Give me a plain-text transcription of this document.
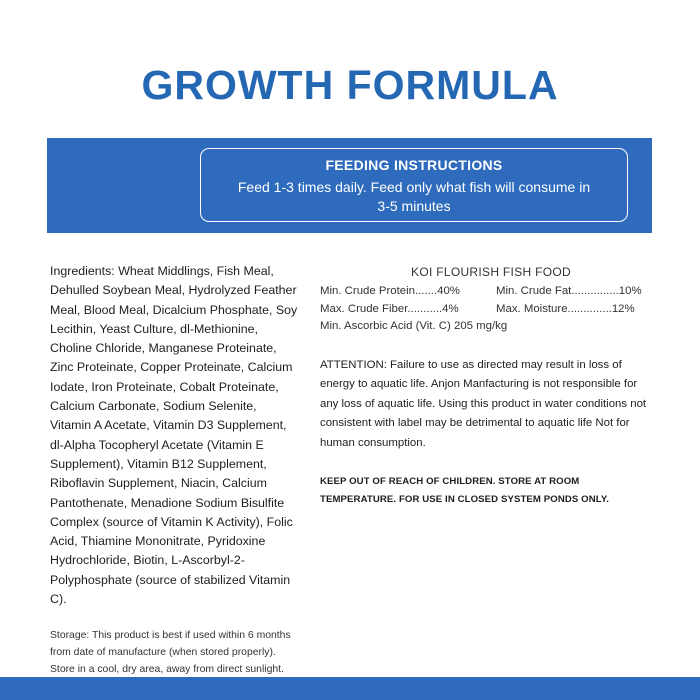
GROWTH FORMULA
FEEDING INSTRUCTIONS
Feed 1-3 times daily. Feed only what fish will consume in 3-5 minutes

Ingredients: Wheat Middlings, Fish Meal, Dehulled Soybean Meal, Hydrolyzed Feather Meal, Blood Meal, Dicalcium Phosphate, Soy Lecithin, Yeast Culture, dl-Methionine, Choline Chloride, Manganese Proteinate, Zinc Proteinate, Copper Proteinate, Calcium Iodate, Iron Proteinate, Cobalt Proteinate, Calcium Carbonate, Sodium Selenite, Vitamin A Acetate, Vitamin D3 Supplement, dl-Alpha Tocopheryl Acetate (Vitamin E Supplement), Vitamin B12 Supplement, Riboflavin Supplement, Niacin, Calcium Pantothenate, Menadione Sodium Bisulfite Complex (source of Vitamin K Activity), Folic Acid, Thiamine Mononitrate, Pyridoxine Hydrochloride, Biotin, L-Ascorbyl-2-Polyphosphate (source of stabilized Vitamin C).

Storage: This product is best if used within 6 months from date of manufacture (when stored properly). Store in a cool, dry area, away from direct sunlight.
KOI FLOURISH FISH FOOD
Min. Crude Protein.......40%	Min. Crude Fat...............10%
Max. Crude Fiber...........4%	Max. Moisture..............12%
Min. Ascorbic Acid (Vit. C) 205 mg/kg
ATTENTION: Failure to use as directed may result in loss of energy to aquatic life. Anjon Manfacturing is not responsible for any loss of aquatic life. Using this product in water conditions not consistent with label may be detrimental to aquatic life Not for human consumption.
KEEP OUT OF REACH OF CHILDREN. STORE AT ROOM TEMPERATURE. FOR USE IN CLOSED SYSTEM PONDS ONLY.
